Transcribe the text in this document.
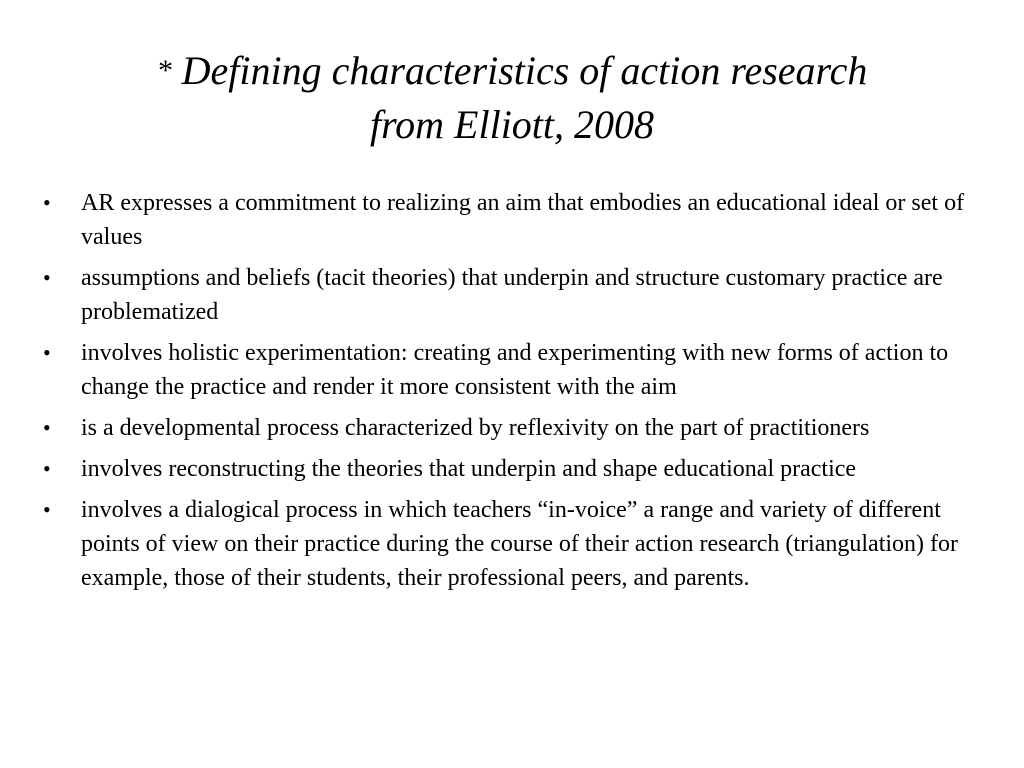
* Defining characteristics of action research
from Elliott, 2008
• AR expresses a commitment to realizing an aim that embodies an educational ideal or set of values
• assumptions and beliefs (tacit theories) that underpin and structure customary practice are problematized
• involves holistic experimentation: creating and experimenting with new forms of action to change the practice and render it more consistent with the aim
• is a developmental process characterized by reflexivity on the part of practitioners
• involves reconstructing the theories that underpin and shape educational practice
• involves a dialogical process in which teachers “in-voice” a range and variety of different points of view on their practice during the course of their action research (triangulation) for example, those of their students, their professional peers, and parents.
